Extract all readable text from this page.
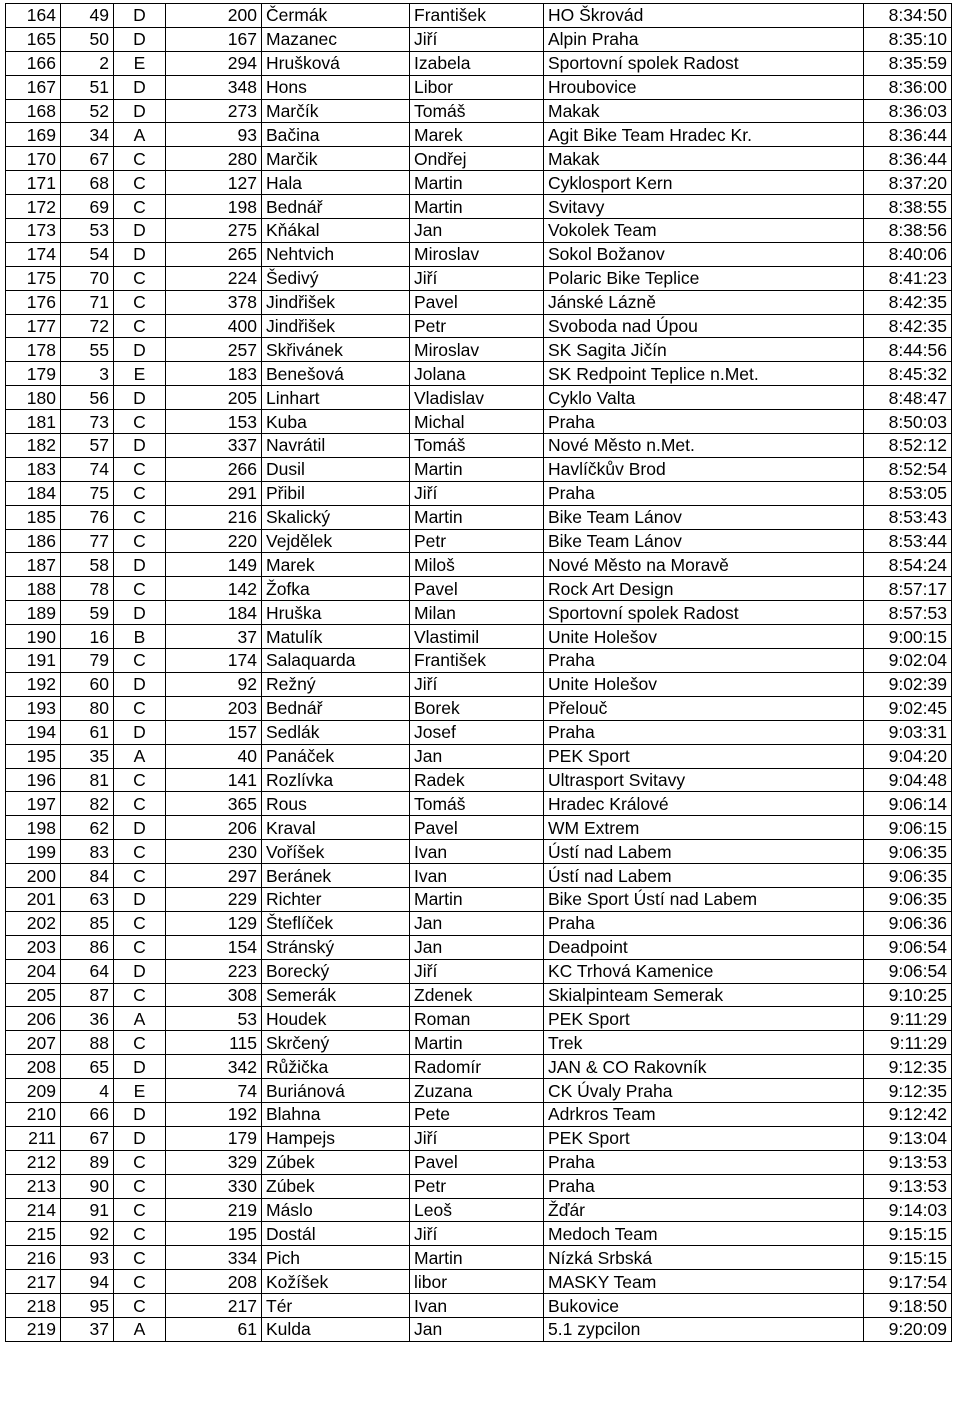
164	49	D	200	Čermák	František	HO Škrovád	8:34:50
165	50	D	167	Mazanec	Jiří	Alpin Praha	8:35:10
166	2	E	294	Hrušková	Izabela	Sportovní spolek Radost	8:35:59
167	51	D	348	Hons	Libor	Hroubovice	8:36:00
168	52	D	273	Marčík	Tomáš	Makak	8:36:03
169	34	A	93	Bačina	Marek	Agit Bike Team Hradec Kr.	8:36:44
170	67	C	280	Marčik	Ondřej	Makak	8:36:44
171	68	C	127	Hala	Martin	Cyklosport Kern	8:37:20
172	69	C	198	Bednář	Martin	Svitavy	8:38:55
173	53	D	275	Kňákal	Jan	Vokolek Team	8:38:56
174	54	D	265	Nehtvich	Miroslav	Sokol Božanov	8:40:06
175	70	C	224	Šedivý	Jiří	Polaric Bike Teplice	8:41:23
176	71	C	378	Jindřišek	Pavel	Jánské Lázně	8:42:35
177	72	C	400	Jindřišek	Petr	Svoboda nad Úpou	8:42:35
178	55	D	257	Skřivánek	Miroslav	SK Sagita Jičín	8:44:56
179	3	E	183	Benešová	Jolana	SK Redpoint Teplice n.Met.	8:45:32
180	56	D	205	Linhart	Vladislav	Cyklo Valta	8:48:47
181	73	C	153	Kuba	Michal	Praha	8:50:03
182	57	D	337	Navrátil	Tomáš	Nové Město n.Met.	8:52:12
183	74	C	266	Dusil	Martin	Havlíčkův Brod	8:52:54
184	75	C	291	Přibil	Jiří	Praha	8:53:05
185	76	C	216	Skalický	Martin	Bike Team Lánov	8:53:43
186	77	C	220	Vejdělek	Petr	Bike Team Lánov	8:53:44
187	58	D	149	Marek	Miloš	Nové Město na Moravě	8:54:24
188	78	C	142	Žofka	Pavel	Rock Art Design	8:57:17
189	59	D	184	Hruška	Milan	Sportovní spolek Radost	8:57:53
190	16	B	37	Matulík	Vlastimil	Unite Holešov	9:00:15
191	79	C	174	Salaquarda	František	Praha	9:02:04
192	60	D	92	Režný	Jiří	Unite Holešov	9:02:39
193	80	C	203	Bednář	Borek	Přelouč	9:02:45
194	61	D	157	Sedlák	Josef	Praha	9:03:31
195	35	A	40	Panáček	Jan	PEK Sport	9:04:20
196	81	C	141	Rozlívka	Radek	Ultrasport Svitavy	9:04:48
197	82	C	365	Rous	Tomáš	Hradec Králové	9:06:14
198	62	D	206	Kraval	Pavel	WM Extrem	9:06:15
199	83	C	230	Voříšek	Ivan	Ústí nad Labem	9:06:35
200	84	C	297	Beránek	Ivan	Ústí nad Labem	9:06:35
201	63	D	229	Richter	Martin	Bike Sport Ústí nad Labem	9:06:35
202	85	C	129	Šteflíček	Jan	Praha	9:06:36
203	86	C	154	Stránský	Jan	Deadpoint	9:06:54
204	64	D	223	Borecký	Jiří	KC Trhová Kamenice	9:06:54
205	87	C	308	Semerák	Zdenek	Skialpinteam Semerak	9:10:25
206	36	A	53	Houdek	Roman	PEK Sport	9:11:29
207	88	C	115	Skrčený	Martin	Trek	9:11:29
208	65	D	342	Růžička	Radomír	JAN & CO Rakovník	9:12:35
209	4	E	74	Buriánová	Zuzana	CK Úvaly Praha	9:12:35
210	66	D	192	Blahna	Pete	Adrkros Team	9:12:42
211	67	D	179	Hampejs	Jiří	PEK Sport	9:13:04
212	89	C	329	Zúbek	Pavel	Praha	9:13:53
213	90	C	330	Zúbek	Petr	Praha	9:13:53
214	91	C	219	Máslo	Leoš	Žďár	9:14:03
215	92	C	195	Dostál	Jiří	Medoch Team	9:15:15
216	93	C	334	Pich	Martin	Nízká Srbská	9:15:15
217	94	C	208	Kožíšek	libor	MASKY Team	9:17:54
218	95	C	217	Tér	Ivan	Bukovice	9:18:50
219	37	A	61	Kulda	Jan	5.1 zypcilon	9:20:09
